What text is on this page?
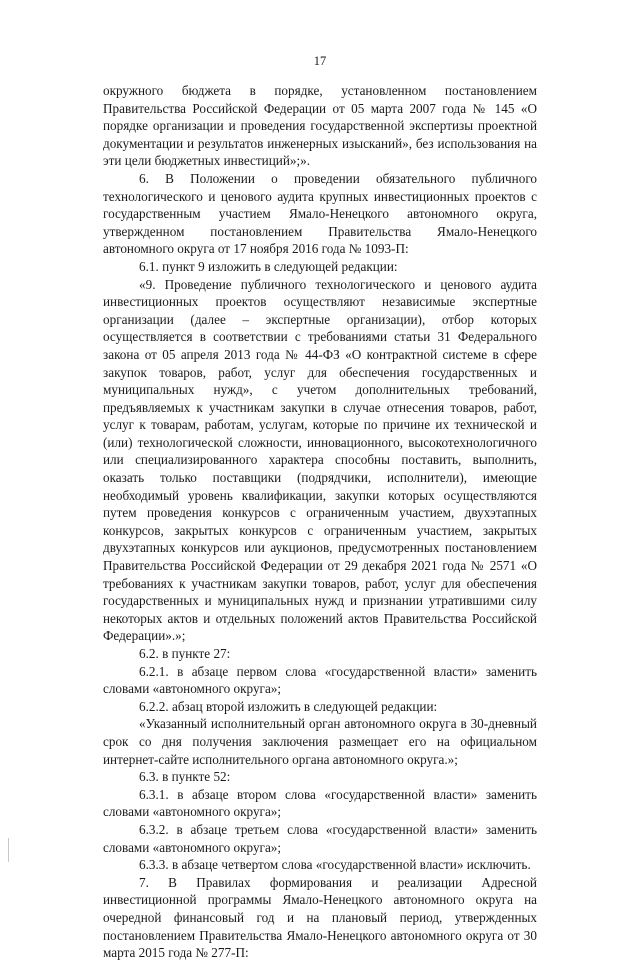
17

окружного бюджета в порядке, установленном постановлением Правительства Российской Федерации от 05 марта 2007 года № 145 «О порядке организации и проведения государственной экспертизы проектной документации и результатов инженерных изысканий», без использования на эти цели бюджетных инвестиций»;».

6. В Положении о проведении обязательного публичного технологического и ценового аудита крупных инвестиционных проектов с государственным участием Ямало-Ненецкого автономного округа, утвержденном постановлением Правительства Ямало-Ненецкого автономного округа от 17 ноября 2016 года № 1093-П:

6.1. пункт 9 изложить в следующей редакции:

«9. Проведение публичного технологического и ценового аудита инвестиционных проектов осуществляют независимые экспертные организации (далее – экспертные организации), отбор которых осуществляется в соответствии с требованиями статьи 31 Федерального закона от 05 апреля 2013 года № 44-ФЗ «О контрактной системе в сфере закупок товаров, работ, услуг для обеспечения государственных и муниципальных нужд», с учетом дополнительных требований, предъявляемых к участникам закупки в случае отнесения товаров, работ, услуг к товарам, работам, услугам, которые по причине их технической и (или) технологической сложности, инновационного, высокотехнологичного или специализированного характера способны поставить, выполнить, оказать только поставщики (подрядчики, исполнители), имеющие необходимый уровень квалификации, закупки которых осуществляются путем проведения конкурсов с ограниченным участием, двухэтапных конкурсов, закрытых конкурсов с ограниченным участием, закрытых двухэтапных конкурсов или аукционов, предусмотренных постановлением Правительства Российской Федерации от 29 декабря 2021 года № 2571 «О требованиях к участникам закупки товаров, работ, услуг для обеспечения государственных и муниципальных нужд и признании утратившими силу некоторых актов и отдельных положений актов Правительства Российской Федерации».»;

6.2. в пункте 27:

6.2.1. в абзаце первом слова «государственной власти» заменить словами «автономного округа»;

6.2.2. абзац второй изложить в следующей редакции:

«Указанный исполнительный орган автономного округа в 30-дневный срок со дня получения заключения размещает его на официальном интернет-сайте исполнительного органа автономного округа.»;

6.3. в пункте 52:

6.3.1. в абзаце втором слова «государственной власти» заменить словами «автономного округа»;

6.3.2. в абзаце третьем слова «государственной власти» заменить словами «автономного округа»;

6.3.3. в абзаце четвертом слова «государственной власти» исключить.

7. В Правилах формирования и реализации Адресной инвестиционной программы Ямало-Ненецкого автономного округа на очередной финансовый год и на плановый период, утвержденных постановлением Правительства Ямало-Ненецкого автономного округа от 30 марта 2015 года № 277-П:
